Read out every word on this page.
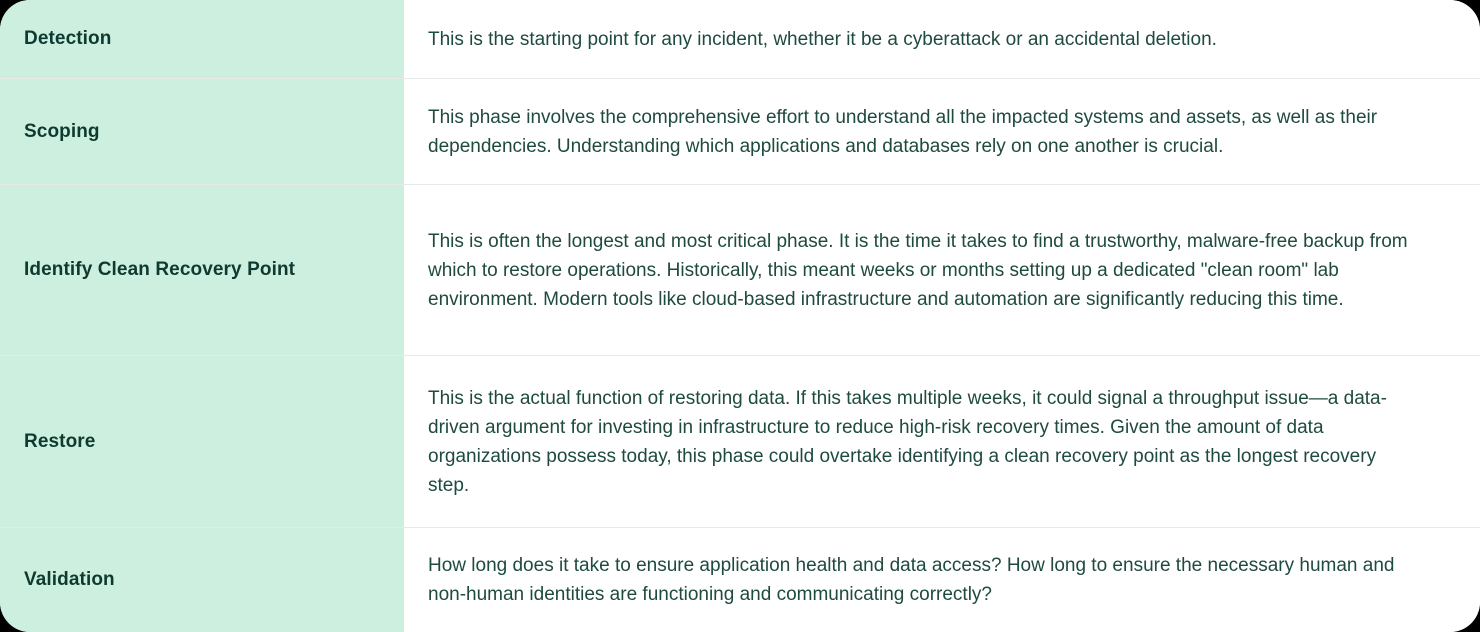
Detection	This is the starting point for any incident, whether it be a cyberattack or an accidental deletion.
Scoping
This phase involves the comprehensive effort to understand all the impacted systems and assets, as well as their dependencies. Understanding which applications and databases rely on one another is crucial.
Identify Clean Recovery Point
This is often the longest and most critical phase. It is the time it takes to find a trustworthy, malware-free backup from which to restore operations. Historically, this meant weeks or months setting up a dedicated "clean room" lab environment. Modern tools like cloud-based infrastructure and automation are significantly reducing this time.
Restore
This is the actual function of restoring data. If this takes multiple weeks, it could signal a throughput issue—a data-driven argument for investing in infrastructure to reduce high-risk recovery times. Given the amount of data organizations possess today, this phase could overtake identifying a clean recovery point as the longest recovery step.
Validation
How long does it take to ensure application health and data access? How long to ensure the necessary human and non-human identities are functioning and communicating correctly?
